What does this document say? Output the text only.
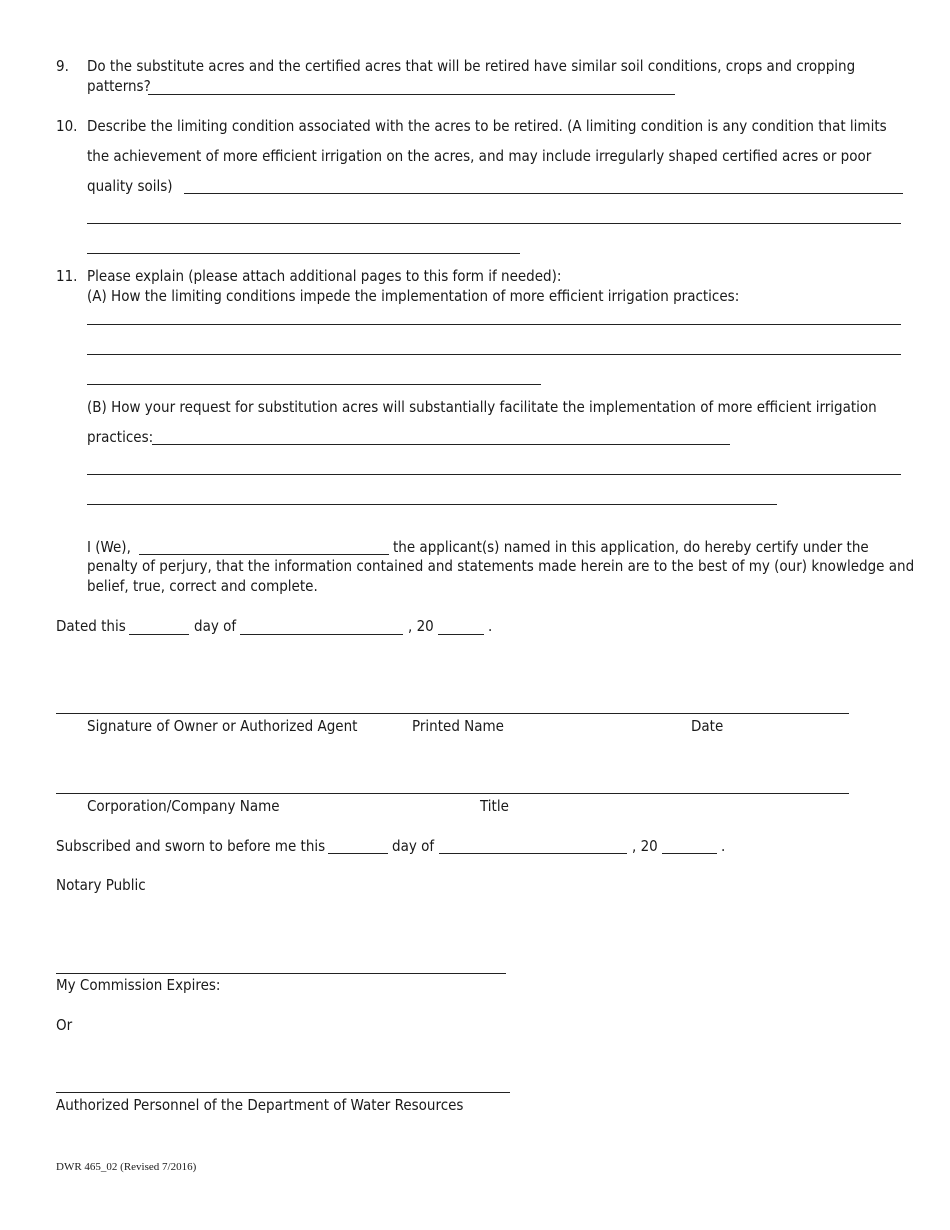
9. Do the substitute acres and the certified acres that will be retired have similar soil conditions, crops and cropping
patterns?
10. Describe the limiting condition associated with the acres to be retired. (A limiting condition is any condition that limits
the achievement of more efficient irrigation on the acres, and may include irregularly shaped certified acres or poor
quality soils)
11. Please explain (please attach additional pages to this form if needed):
(A) How the limiting conditions impede the implementation of more efficient irrigation practices:
(B) How your request for substitution acres will substantially facilitate the implementation of more efficient irrigation
practices:
I (We),	the applicant(s) named in this application, do hereby certify under the
penalty of perjury, that the information contained and statements made herein are to the best of my (our) knowledge and
belief, true, correct and complete.
Dated this	day of	, 20	.
Signature of Owner or Authorized Agent	Printed Name	Date
Corporation/Company Name	Title
Subscribed and sworn to before me this	day of	, 20	.
Notary Public
My Commission Expires:
Or
Authorized Personnel of the Department of Water Resources
DWR 465_02 (Revised 7/2016)
